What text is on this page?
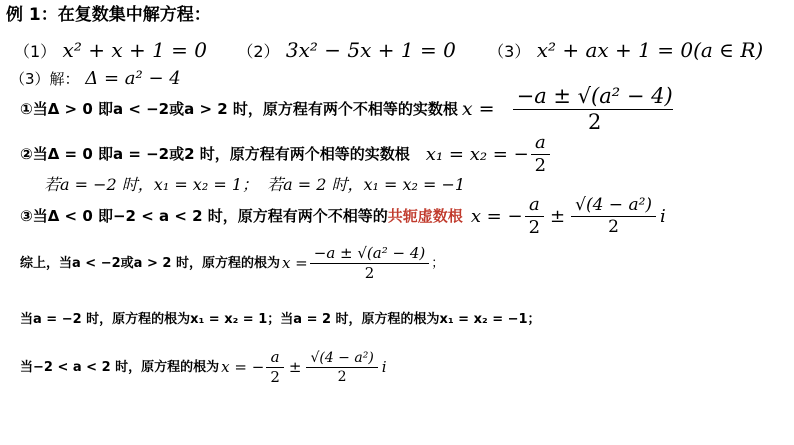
例 1：在复数集中解方程：
（1） x² + x + 1 = 0 （2） 3x² − 5x + 1 = 0 （3） x² + ax + 1 = 0(a ∈ R)
（3）解： Δ = a² − 4
①当Δ > 0 即a < −2或a > 2 时，原方程有两个不相等的实数根 $x = \frac{\text{−a ± √(a² − 4)}}{2}$
②当Δ = 0 即a = −2或2 时，原方程有两个相等的实数根 x₁ = x₂ = − $\frac{a}{2}$
若a = −2 时，x₁ = x₂ = 1； 若a = 2 时，x₁ = x₂ = −1
③当Δ < 0 即−2 < a < 2 时，原方程有两个不相等的 共轭虚数根 x = − $\frac{a}{2} \pm \frac{\text{√(4 − a²)}}{2}$ i
综上，当a < −2或a > 2 时，原方程的根为 $x = \frac{\text{−a ± √(a² − 4)}}{2}$ ；
当a = −2 时，原方程的根为x₁ = x₂ = 1；当a = 2 时，原方程的根为x₁ = x₂ = −1；
当−2 < a < 2 时，原方程的根为 x = − $\frac{a}{2} \pm \frac{\text{√(4 − a²)}}{2}$ i
